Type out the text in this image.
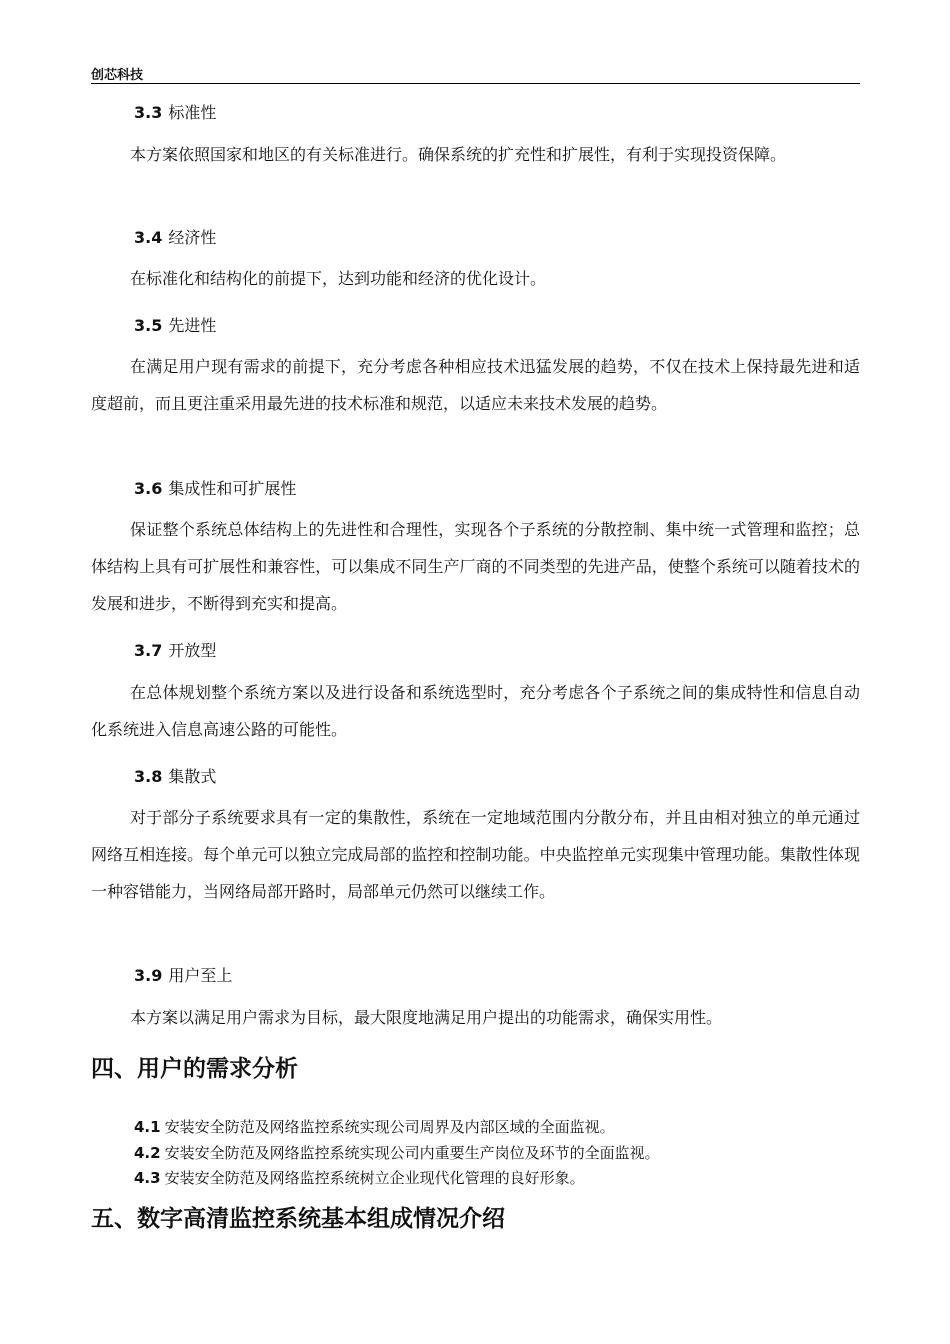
创芯科技
3.3 标准性

本方案依照国家和地区的有关标准进行。确保系统的扩充性和扩展性，有利于实现投资保障。

3.4 经济性

在标准化和结构化的前提下，达到功能和经济的优化设计。

3.5 先进性

在满足用户现有需求的前提下，充分考虑各种相应技术迅猛发展的趋势，不仅在技术上保持最先进和适度超前，而且更注重采用最先进的技术标准和规范，以适应未来技术发展的趋势。

3.6 集成性和可扩展性

保证整个系统总体结构上的先进性和合理性，实现各个子系统的分散控制、集中统一式管理和监控；总体结构上具有可扩展性和兼容性，可以集成不同生产厂商的不同类型的先进产品，使整个系统可以随着技术的发展和进步，不断得到充实和提高。

3.7 开放型

在总体规划整个系统方案以及进行设备和系统选型时，充分考虑各个子系统之间的集成特性和信息自动化系统进入信息高速公路的可能性。

3.8 集散式

对于部分子系统要求具有一定的集散性，系统在一定地域范围内分散分布，并且由相对独立的单元通过网络互相连接。每个单元可以独立完成局部的监控和控制功能。中央监控单元实现集中管理功能。集散性体现一种容错能力，当网络局部开路时，局部单元仍然可以继续工作。

3.9 用户至上

本方案以满足用户需求为目标，最大限度地满足用户提出的功能需求，确保实用性。

四、用户的需求分析
4.1 安装安全防范及网络监控系统实现公司周界及内部区域的全面监视。
4.2 安装安全防范及网络监控系统实现公司内重要生产岗位及环节的全面监视。
4.3 安装安全防范及网络监控系统树立企业现代化管理的良好形象。
五、数字高清监控系统基本组成情况介绍
